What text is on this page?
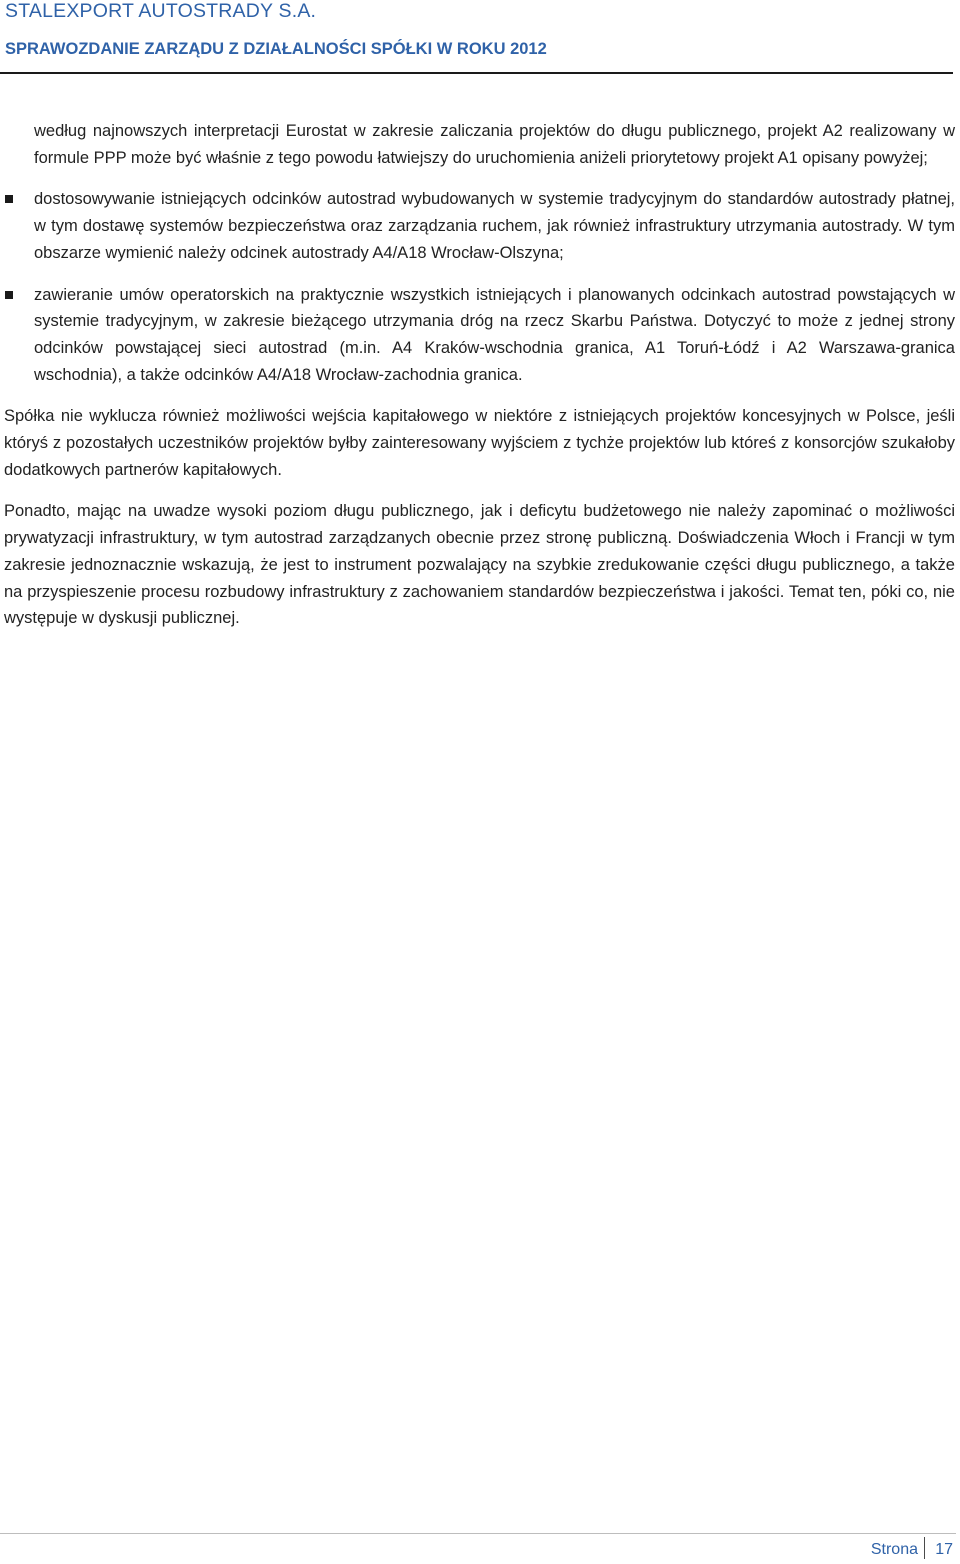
STALEXPORT AUTOSTRADY S.A.
SPRAWOZDANIE ZARZĄDU Z DZIAŁALNOŚCI SPÓŁKI W ROKU 2012

według najnowszych interpretacji Eurostat w zakresie zaliczania projektów do długu publicznego, projekt A2 realizowany w formule PPP może być właśnie z tego powodu łatwiejszy do uruchomienia aniżeli priorytetowy projekt A1 opisany powyżej;

dostosowywanie istniejących odcinków autostrad wybudowanych w systemie tradycyjnym do standardów autostrady płatnej, w tym dostawę systemów bezpieczeństwa oraz zarządzania ruchem, jak również infrastruktury utrzymania autostrady. W tym obszarze wymienić należy odcinek autostrady A4/A18 Wrocław-Olszyna;

zawieranie umów operatorskich na praktycznie wszystkich istniejących i planowanych odcinkach autostrad powstających w systemie tradycyjnym, w zakresie bieżącego utrzymania dróg na rzecz Skarbu Państwa. Dotyczyć to może z jednej strony odcinków powstającej sieci autostrad (m.in. A4 Kraków-wschodnia granica, A1 Toruń-Łódź i A2 Warszawa-granica wschodnia), a także odcinków A4/A18 Wrocław-zachodnia granica.

Spółka nie wyklucza również możliwości wejścia kapitałowego w niektóre z istniejących projektów koncesyjnych w Polsce, jeśli któryś z pozostałych uczestników projektów byłby zainteresowany wyjściem z tychże projektów lub któreś z konsorcjów szukałoby dodatkowych partnerów kapitałowych.

Ponadto, mając na uwadze wysoki poziom długu publicznego, jak i deficytu budżetowego nie należy zapominać o możliwości prywatyzacji infrastruktury, w tym autostrad zarządzanych obecnie przez stronę publiczną. Doświadczenia Włoch i Francji w tym zakresie jednoznacznie wskazują, że jest to instrument pozwalający na szybkie zredukowanie części długu publicznego, a także na przyspieszenie procesu rozbudowy infrastruktury z zachowaniem standardów bezpieczeństwa i jakości. Temat ten, póki co, nie występuje w dyskusji publicznej.

Strona 17
